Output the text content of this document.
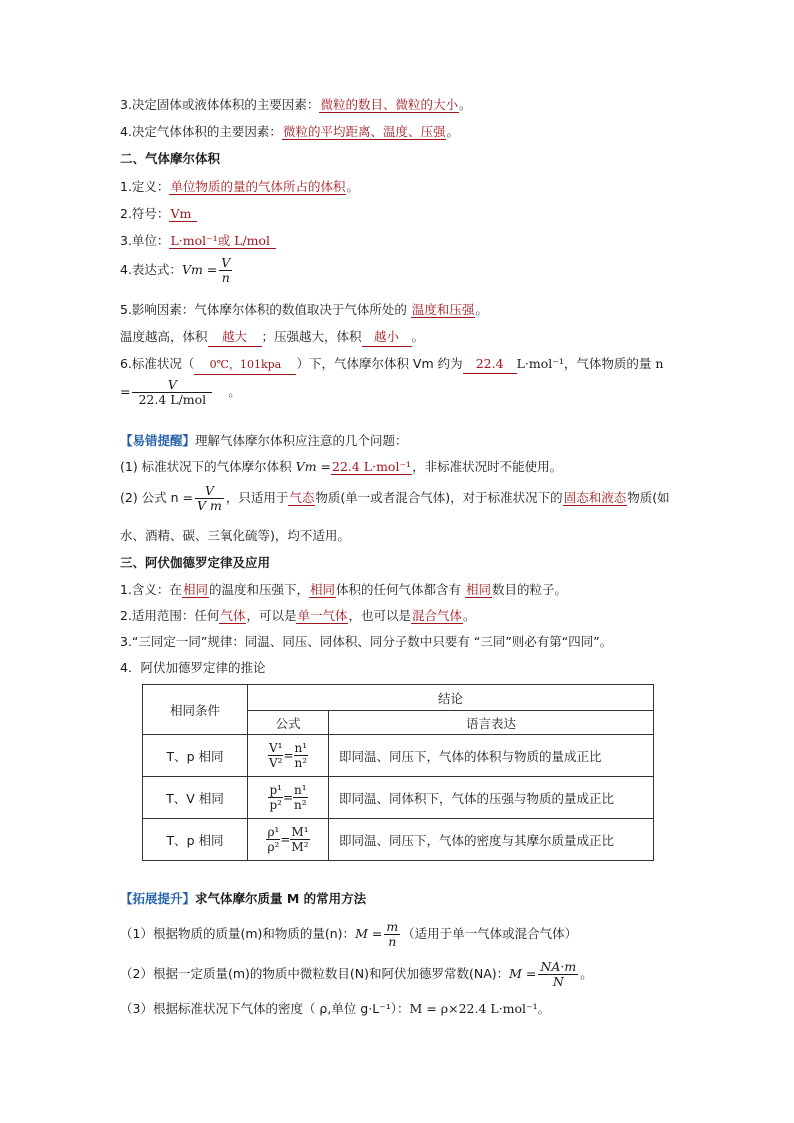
3.决定固体或液体体积的主要因素：微粒的数目、微粒的大小。
4.决定气体体积的主要因素：微粒的平均距离、温度、压强。
二、气体摩尔体积
1.定义：单位物质的量的气体所占的体积。
2.符号：Vm
3.单位：L·mol⁻¹或 L/mol
4.表达式：$Vm = \frac{V}{n}$
5.影响因素：气体摩尔体积的数值取决于气体所处的 温度和压强。
温度越高，体积 越大 ；压强越大，体积 越小 。
6.标准状况（ 0℃，101kpa ）下，气体摩尔体积 Vm 约为 22.4 L·mol⁻¹，气体物质的量 n
= $\frac{V}{\text{22.4 L/mol}}$ 。
【易错提醒】理解气体摩尔体积应注意的几个问题：
(1) 标准状况下的气体摩尔体积 Vm =22.4 L·mol⁻¹，非标准状况时不能使用。
(2) 公式 $n = \frac{V}{\text{V m}}$ ，只适用于气态物质(单一或者混合气体)，对于标准状况下的固态和液态物质(如
水、酒精、碳、三氧化硫等)，均不适用。
三、阿伏伽德罗定律及应用
1.含义：在相同的温度和压强下，相同体积的任何气体都含有 相同数目的粒子。
2.适用范围：任何气体，可以是单一气体，也可以是混合气体。
3.“三同定一同”规律：同温、同压、同体积、同分子数中只要有 “三同”则必有第“四同”。
4．阿伏加德罗定律的推论
相同条件	结论	
	公式	语言表达
T、p 相同	$\frac{\text{V¹}}{\text{V²}} = \frac{\text{n¹}}{\text{n²}}$	即同温、同压下，气体的体积与物质的量成正比
T、V 相同	$\frac{\text{p¹}}{\text{p²}} = \frac{\text{n¹}}{\text{n²}}$	即同温、同体积下，气体的压强与物质的量成正比
T、p 相同	$\frac{\text{ρ¹}}{\text{ρ²}} = \frac{\text{M¹}}{\text{M²}}$	即同温、同压下，气体的密度与其摩尔质量成正比
【拓展提升】求气体摩尔质量 M 的常用方法
（1）根据物质的质量(m)和物质的量(n)：$M = \frac{m}{n}$ （适用于单一气体或混合气体）
（2）根据一定质量(m)的物质中微粒数目(N)和阿伏加德罗常数(NA)：$M = \frac{NA\cdot m}{N}$ 。
（3）根据标准状况下气体的密度（ ρ,单位 g·L⁻¹）：M = ρ×22.4 L·mol⁻¹。
